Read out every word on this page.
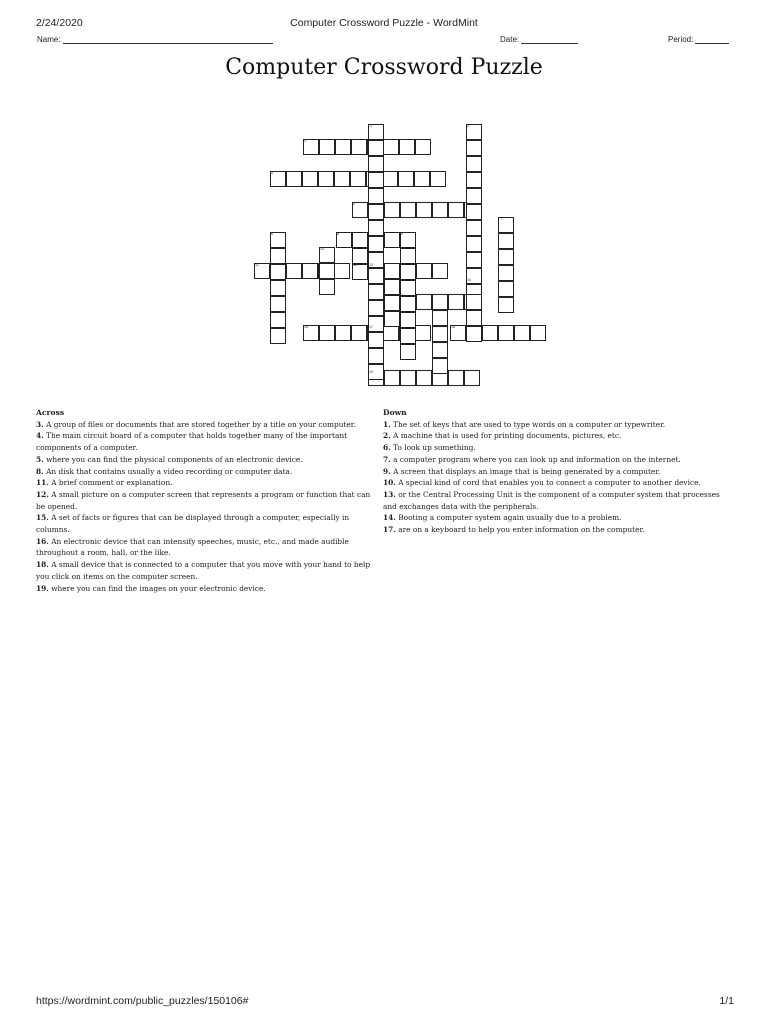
2/24/2020	Computer Crossword Puzzle - WordMint
Name:	Date:	Period:
Computer Crossword Puzzle
1	2
3
4
5
6
7
8	9
10
11	12	13
14
15
16	17	18
19
Across

3. A group of files or documents that are stored together by a title on your computer.

4. The main circuit board of a computer that holds together many of the important components of a computer.

5. where you can find the physical components of an electronic device.

8. An disk that contains usually a video recording or computer data.

11. A brief comment or explanation.

12. A small picture on a computer screen that represents a program or function that can be opened.

15. A set of facts or figures that can be displayed through a computer, especially in columns.

16. An electronic device that can intensify speeches, music, etc., and made audible throughout a room, hall, or the like.

18. A small device that is connected to a computer that you move with your hand to help you click on items on the computer screen.

19. where you can find the images on your electronic device.

Down

1. The set of keys that are used to type words on a computer or typewriter.

2. A machine that is used for printing documents, pictures, etc.

6. To look up something.

7. a computer program where you can look up and information on the internet.

9. A screen that displays an image that is being generated by a computer.

10. A special kind of cord that enables you to connect a computer to another device.

13. or the Central Processing Unit is the component of a computer system that processes and exchanges data with the peripherals.

14. Booting a computer system again usually due to a problem.

17. are on a keyboard to help you enter information on the computer.

https://wordmint.com/public_puzzles/150106#	1/1
